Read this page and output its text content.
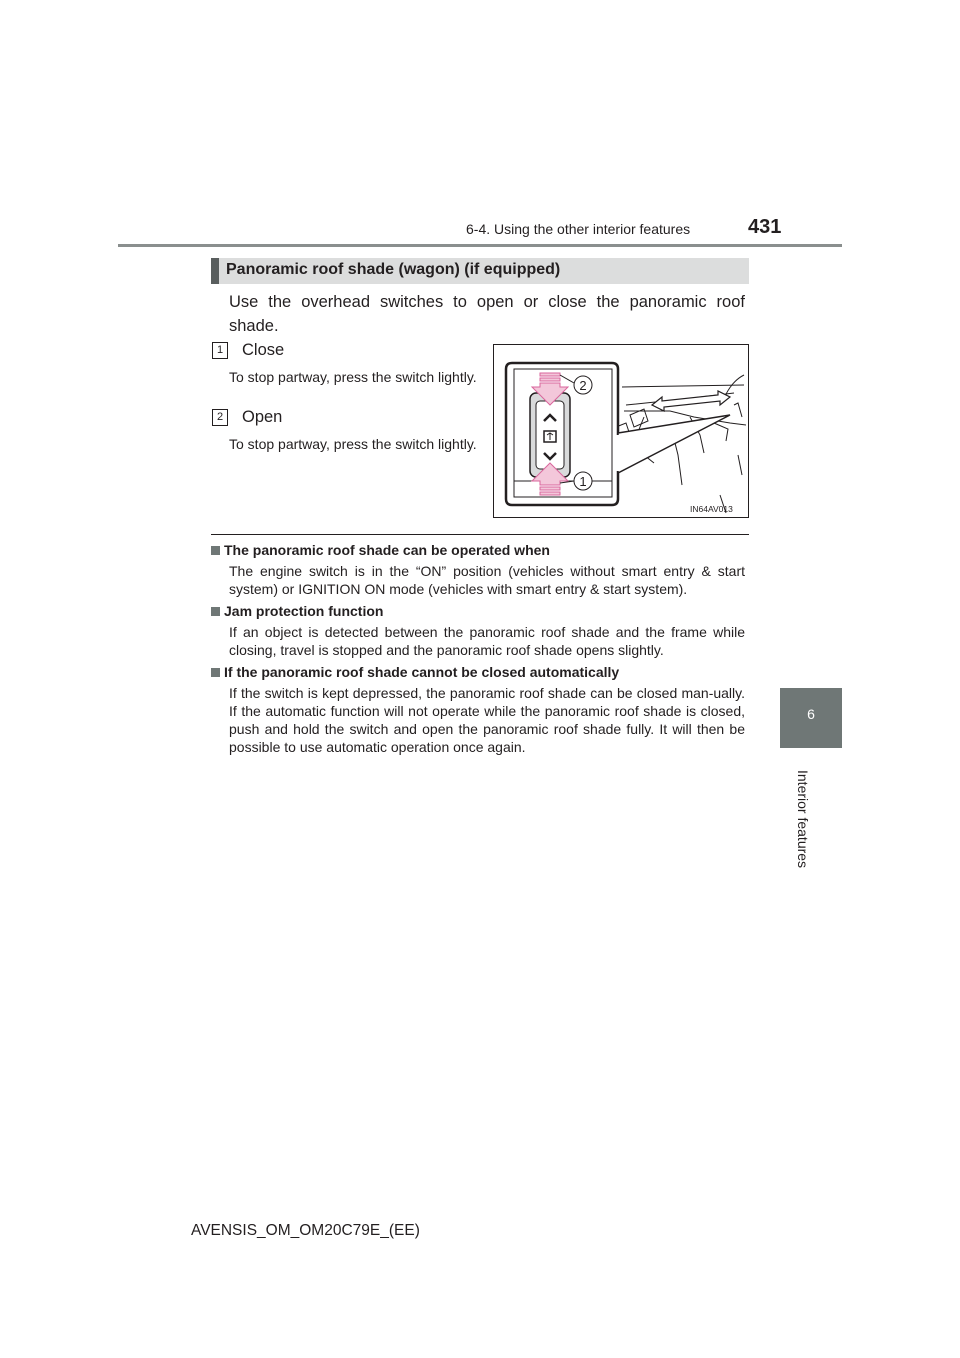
6-4. Using the other interior features	431
6
Interior features
Panoramic roof shade (wagon) (if equipped)
Use the overhead switches to open or close the panoramic roof shade.
1 Close
To stop partway, press the switch lightly.
2 Open
To stop partway, press the switch lightly.
2
1
IN64AV013
The panoramic roof shade can be operated when
The engine switch is in the “ON” position (vehicles without smart entry & start system) or IGNITION ON mode (vehicles with smart entry & start system).
Jam protection function
If an object is detected between the panoramic roof shade and the frame while closing, travel is stopped and the panoramic roof shade opens slightly.
If the panoramic roof shade cannot be closed automatically
If the switch is kept depressed, the panoramic roof shade can be closed man-ually. If the automatic function will not operate while the panoramic roof shade is closed, push and hold the switch and open the panoramic roof shade fully. It will then be possible to use automatic operation once again.
AVENSIS_OM_OM20C79E_(EE)
